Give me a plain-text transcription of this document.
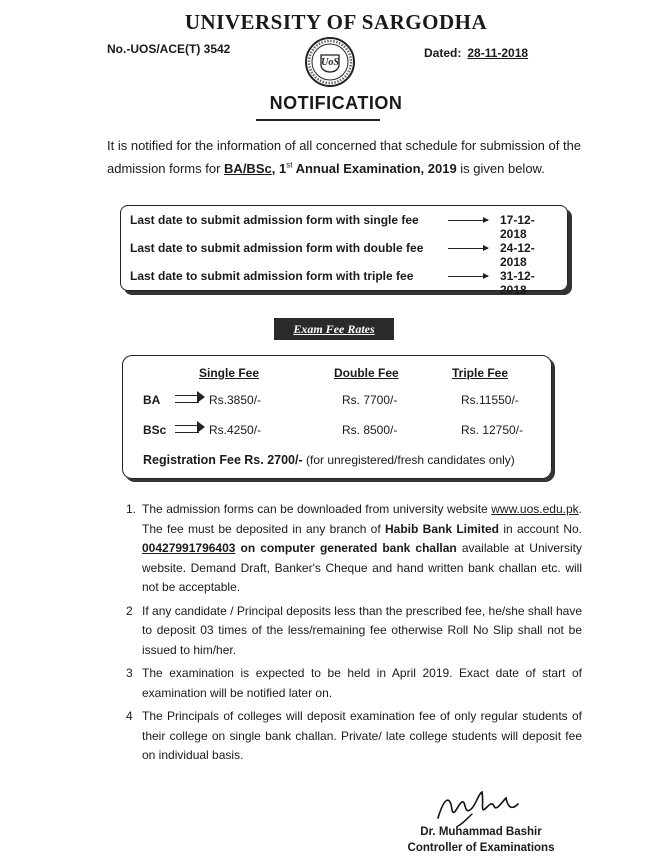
UNIVERSITY OF SARGODHA
No.-UOS/ACE(T) 3542	Dated: 28-11-2018
UoS
NOTIFICATION
It is notified for the information of all concerned that schedule for submission of the admission forms for BA/BSc, 1st Annual Examination, 2019 is given below.
Last date to submit admission form with single fee	17-12-2018
Last date to submit admission form with double fee	24-12-2018
Last date to submit admission form with triple fee	31-12-2018
Exam Fee Rates
Single Fee	Double Fee	Triple Fee
BA	Rs.3850/-	Rs. 7700/-	Rs.11550/-
BSc	Rs.4250/-	Rs. 8500/-	Rs. 12750/-
Registration Fee Rs. 2700/- (for unregistered/fresh candidates only)
1. The admission forms can be downloaded from university website www.uos.edu.pk. The fee must be deposited in any branch of Habib Bank Limited in account No. 00427991796403 on computer generated bank challan available at University website. Demand Draft, Banker's Cheque and hand written bank challan etc. will not be acceptable.
2 If any candidate / Principal deposits less than the prescribed fee, he/she shall have to deposit 03 times of the less/remaining fee otherwise Roll No Slip shall not be issued to him/her.
3 The examination is expected to be held in April 2019. Exact date of start of examination will be notified later on.
4 The Principals of colleges will deposit examination fee of only regular students of their college on single bank challan. Private/ late college students will deposit fee on individual basis.
Dr. Muhammad Bashir
Controller of Examinations
